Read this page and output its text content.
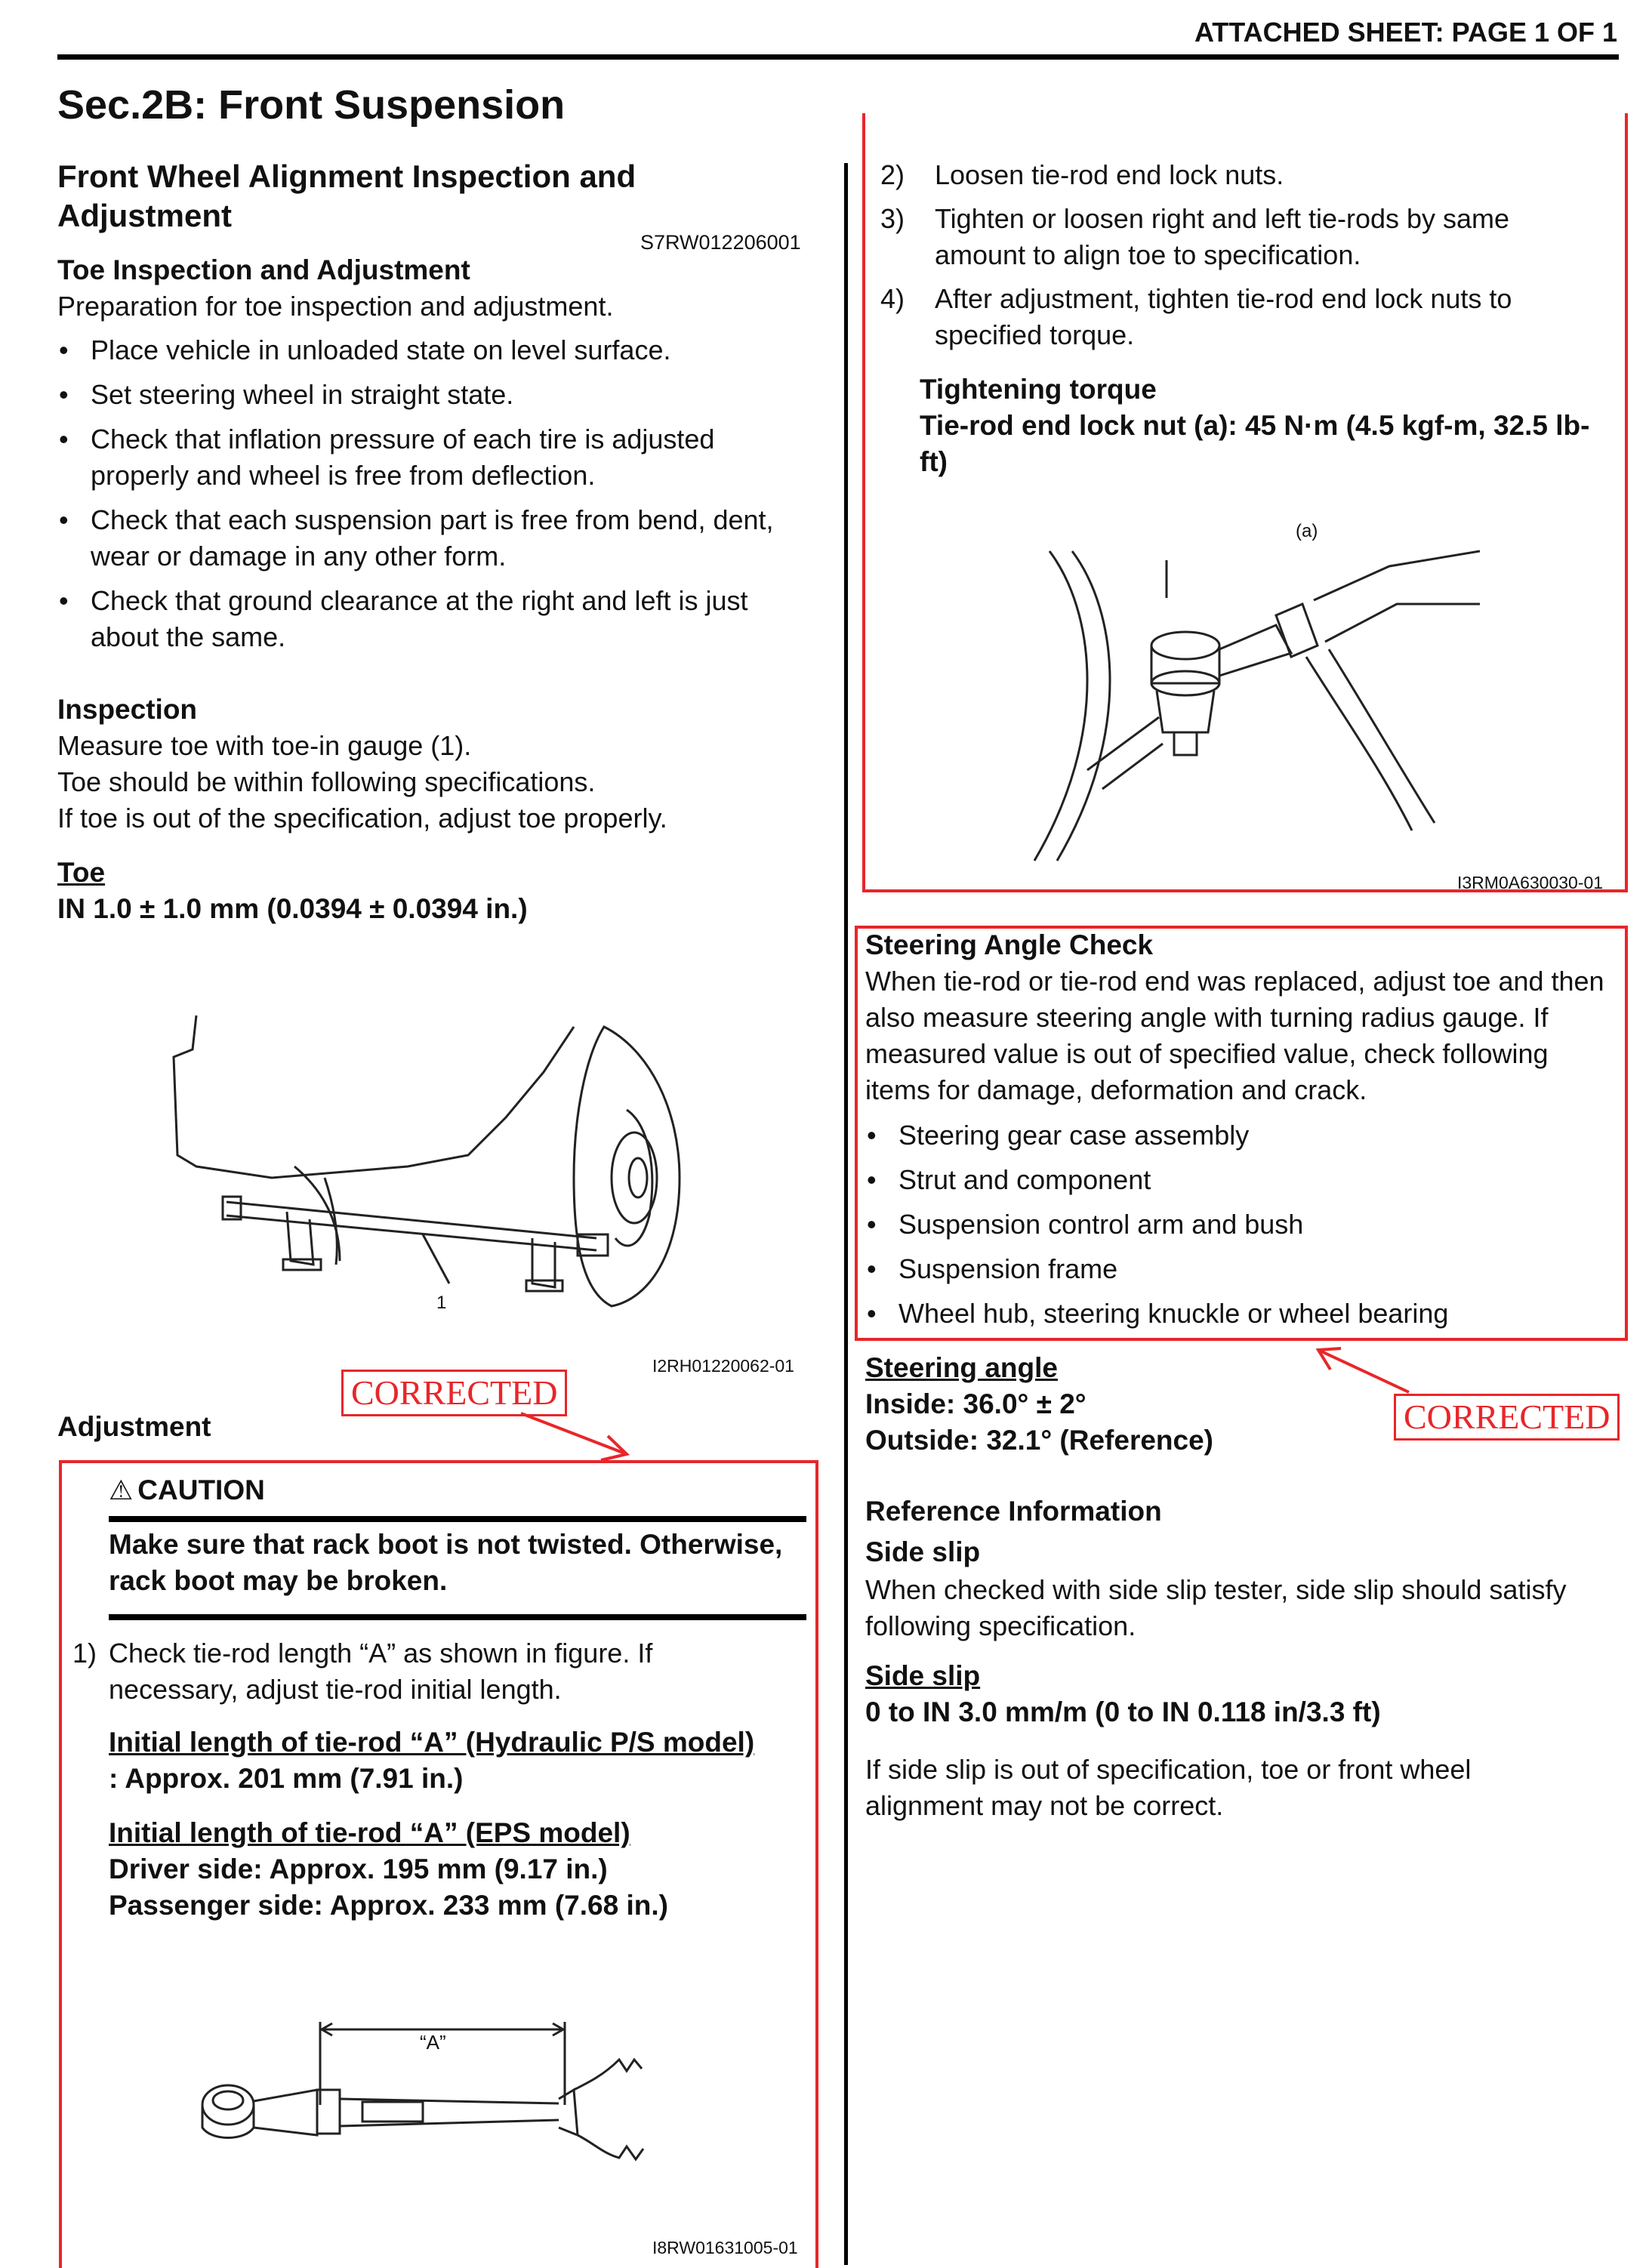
ATTACHED SHEET: PAGE 1 OF 1
Sec.2B: Front Suspension
Front Wheel Alignment Inspection and Adjustment
S7RW012206001
Toe Inspection and Adjustment
Preparation for toe inspection and adjustment.
• Place vehicle in unloaded state on level surface.
• Set steering wheel in straight state.
• Check that inflation pressure of each tire is adjusted properly and wheel is free from deflection.
• Check that each suspension part is free from bend, dent, wear or damage in any other form.
• Check that ground clearance at the right and left is just about the same.
Inspection
Measure toe with toe-in gauge (1).
Toe should be within following specifications.
If toe is out of the specification, adjust toe properly.
Toe
IN 1.0 ± 1.0 mm (0.0394 ± 0.0394 in.)
1
I2RH01220062-01
CORRECTED
Adjustment
⚠ CAUTION
Make sure that rack boot is not twisted. Otherwise, rack boot may be broken.
1) Check tie-rod length “A” as shown in figure. If necessary, adjust tie-rod initial length.
Initial length of tie-rod “A” (Hydraulic P/S model)
: Approx. 201 mm (7.91 in.)
Initial length of tie-rod “A” (EPS model)
Driver side: Approx. 195 mm (9.17 in.)
Passenger side: Approx. 233 mm (7.68 in.)
“A”
I8RW01631005-01
2) Loosen tie-rod end lock nuts.
3) Tighten or loosen right and left tie-rods by same amount to align toe to specification.
4) After adjustment, tighten tie-rod end lock nuts to specified torque.
Tightening torque
Tie-rod end lock nut (a): 45 N·m (4.5 kgf-m, 32.5 lb-ft)
(a)
I3RM0A630030-01
Steering Angle Check
When tie-rod or tie-rod end was replaced, adjust toe and then also measure steering angle with turning radius gauge. If measured value is out of specified value, check following items for damage, deformation and crack.
• Steering gear case assembly
• Strut and component
• Suspension control arm and bush
• Suspension frame
• Wheel hub, steering knuckle or wheel bearing
Steering angle
Inside: 36.0° ± 2°
Outside: 32.1° (Reference)
CORRECTED
Reference Information
Side slip
When checked with side slip tester, side slip should satisfy following specification.
Side slip
0 to IN 3.0 mm/m (0 to IN 0.118 in/3.3 ft)
If side slip is out of specification, toe or front wheel alignment may not be correct.
